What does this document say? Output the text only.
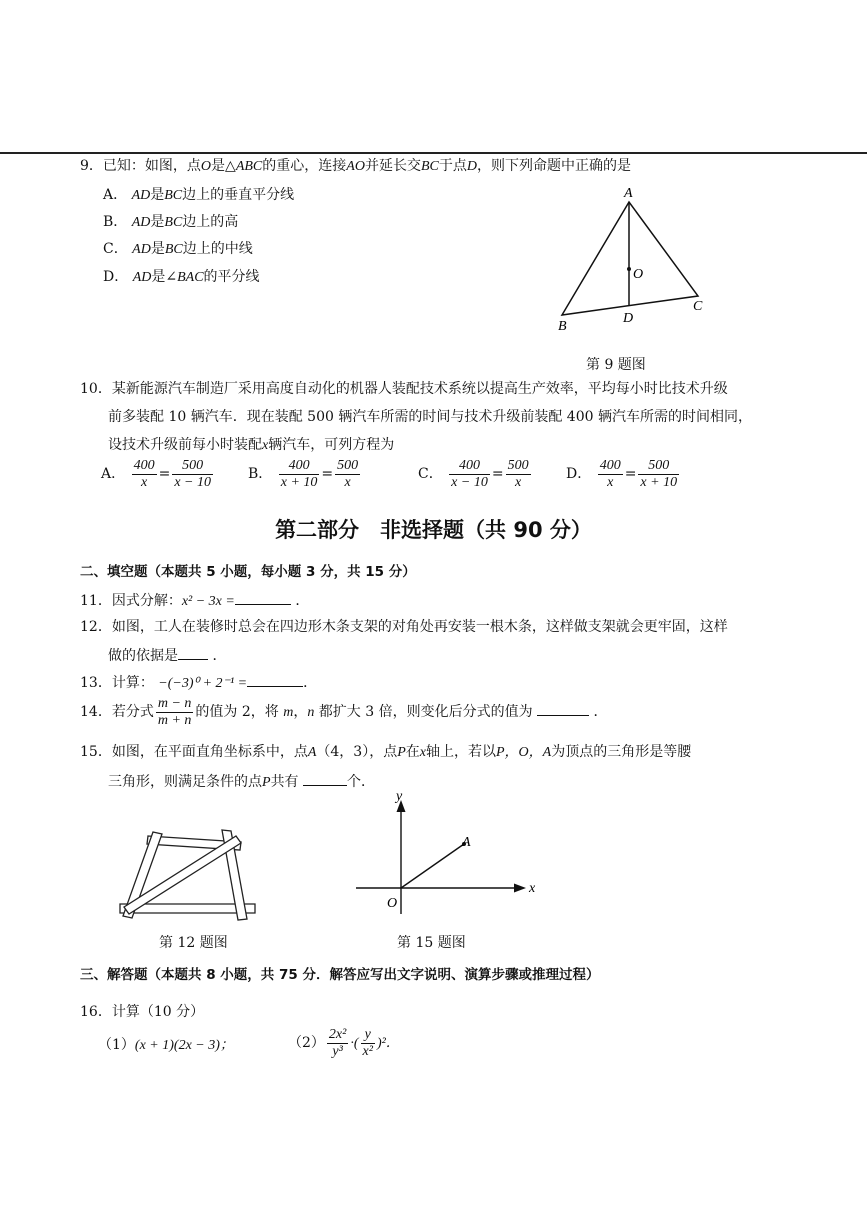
9．已知：如图，点O是△ABC的重心，连接AO并延长交BC于点D，则下列命题中正确的是
A． AD是BC边上的垂直平分线
B． AD是BC边上的高
C． AD是BC边上的中线
D． AD是∠BAC的平分线
A
B
C
D
O
第 9 题图
10．某新能源汽车制造厂采用高度自动化的机器人装配技术系统以提高生产效率，平均每小时比技术升级
前多装配 10 辆汽车．现在装配 500 辆汽车所需的时间与技术升级前装配 400 辆汽车所需的时间相同，
设技术升级前每小时装配x辆汽车，可列方程为
A． $\frac{400}{x} = \frac{500}{x - 10}$	B． $\frac{400}{x + 10} = \frac{500}{x}$	C． $\frac{400}{x - 10} = \frac{500}{x}$	D． $\frac{400}{x} = \frac{500}{x + 10}$
第二部分　非选择题（共 90 分）
二、填空题（本题共 5 小题，每小题 3 分，共 15 分）
11．因式分解：x² − 3x =	．
12．如图，工人在装修时总会在四边形木条支架的对角处再安装一根木条，这样做支架就会更牢固，这样
做的依据是 ．
13．计算： −(−3)⁰ + 2⁻¹ =	．
14．若分式 $\frac{m - n}{m + n}$ 的值为 2，将 m，n 都扩大 3 倍，则变化后分式的值为	．
15．如图，在平面直角坐标系中，点A（4，3），点P在x轴上，若以P，O，A为顶点的三角形是等腰
三角形，则满足条件的点P共有	个．
第 12 题图
y
x
O
A
第 15 题图
三、解答题（本题共 8 小题，共 75 分．解答应写出文字说明、演算步骤或推理过程）
16．计算（10 分）
（1）(x + 1)(2x − 3)；	$(2) \frac{\text{2x²}}{\text{y³}}$ ·( $\frac{y}{\text{x²}} )^2$．
